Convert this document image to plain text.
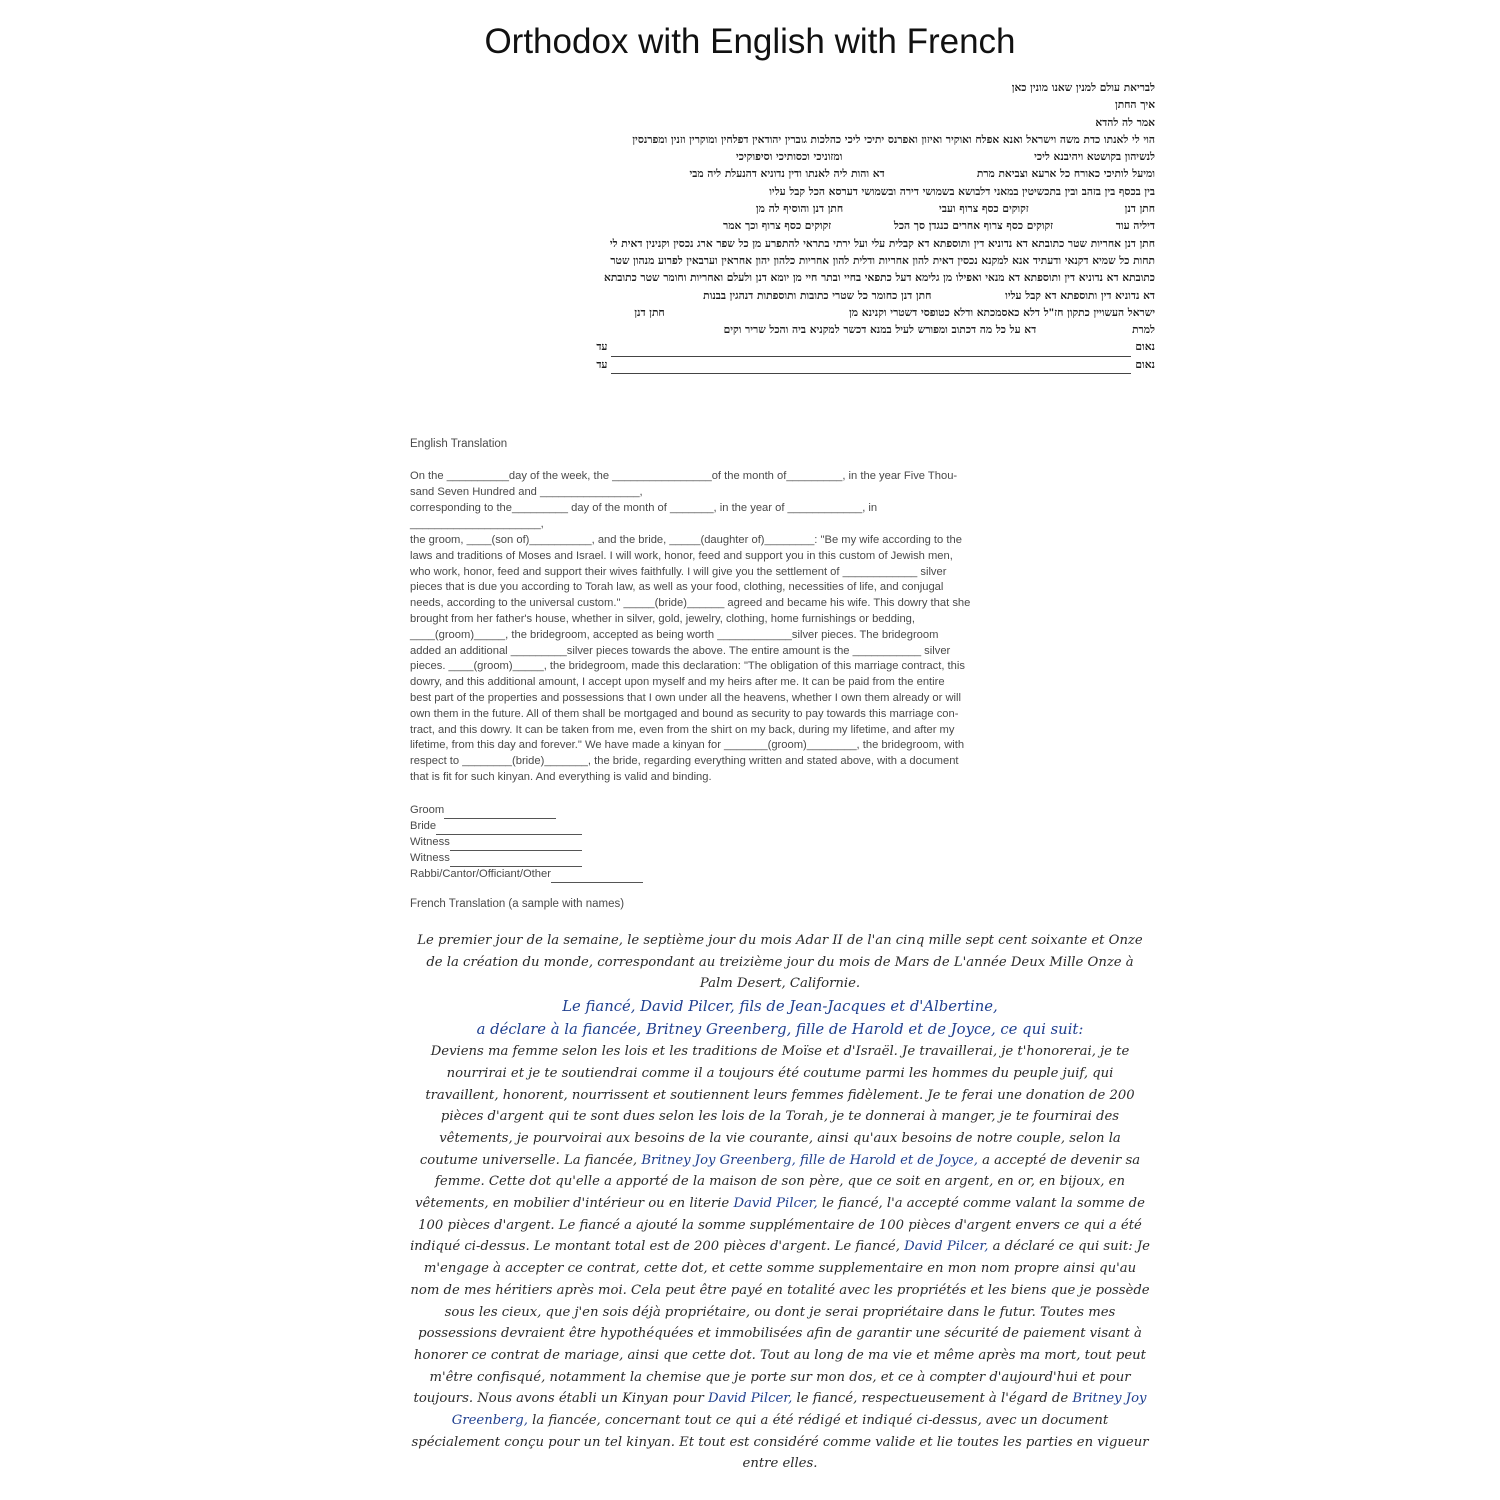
Orthodox with English with French
לבריאת עולם למנין שאנו מונין כאן
איך החתן
אמר לה להדא
הוי לי לאנתו כדת משה וישראל ואנא אפלח ואוקיר ואיזון ואפרנס יתיכי ליכי כהלכות גוברין יהודאין דפלחין ומוקרין וזנין ומפרנסין
לנשיהון בקושטא ויהיבנא ליכי                                                    ומזוניכי וכסותיכי וסיפוקיכי
ומיעל לותיכי כאורח כל ארעא וצביאת מרת                         דא והות ליה לאנתו ודין נדוניא דהנעלת ליה מבי
בין בכסף בין בזהב ובין בתכשיטין במאני דלבושא בשמושי דירה ובשמושי דערסא הכל קבל עליו
חתן דנן                          זקוקים כסף צרוף ועבי                          חתן דנן והוסיף לה מן
דיליה עוד                 זקוקים כסף צרוף אחרים כנגדן סך הכל                 זקוקים כסף צרוף וכך אמר
חתן דנן אחריות שטר כתובתא דא נדוניא דין ותוספתא דא קבלית עלי ועל ירתי בתראי להתפרע מן כל שפר ארג נכסין וקנינין דאית לי
תחות כל שמיא דקנאי ודעתיד אנא למקנא נכסין דאית להון אחריות ודלית להון אחריות כלהון יהון אחראין וערבאין לפרוע מנהון שטר
כתובתא דא נדוניא דין ותוספתא דא מנאי ואפילו מן גלימא דעל כתפאי בחיי ובתר חיי מן יומא דנן ולעלם ואחריות וחומר שטר כתובתא
דא נדוניא דין ותוספתא דא קבל עליו                    חתן דנן כחומר כל שטרי כתובות ותוספתות דנהגין בבנות
ישראל העשויין כתקון חז"ל דלא כאסמכתא ודלא כטופסי דשטרי וקנינא מן                                                  חתן דנן
למרת                          דא על כל מה דכתוב ומפורש לעיל במנא דכשר למקניא ביה והכל שריר וקים
נאום
עד
נאום
עד
English Translation
On the __________day of the week, the ________________of the month of_________, in the year Five Thou-
sand Seven Hundred and ________________,
corresponding to the_________ day of the month of _______, in the year of ____________, in
_____________________,
the groom, ____(son of)__________, and the bride, _____(daughter of)________: "Be my wife according to the
laws and traditions of Moses and Israel. I will work, honor, feed and support you in this custom of Jewish men,
who work, honor, feed and support their wives faithfully. I will give you the settlement of ____________ silver
pieces that is due you according to Torah law, as well as your food, clothing, necessities of life, and conjugal
needs, according to the universal custom." _____(bride)______ agreed and became his wife. This dowry that she
brought from her father's house, whether in silver, gold, jewelry, clothing, home furnishings or bedding,
____(groom)_____, the bridegroom, accepted as being worth ____________silver pieces. The bridegroom
added an additional _________silver pieces towards the above. The entire amount is the ___________ silver
pieces. ____(groom)_____, the bridegroom, made this declaration: "The obligation of this marriage contract, this
dowry, and this additional amount, I accept upon myself and my heirs after me. It can be paid from the entire
best part of the properties and possessions that I own under all the heavens, whether I own them already or will
own them in the future. All of them shall be mortgaged and bound as security to pay towards this marriage con-
tract, and this dowry. It can be taken from me, even from the shirt on my back, during my lifetime, and after my
lifetime, from this day and forever." We have made a kinyan for _______(groom)________, the bridegroom, with
respect to ________(bride)_______, the bride, regarding everything written and stated above, with a document
that is fit for such kinyan. And everything is valid and binding.
Groom
Bride
Witness
Witness
Rabbi/Cantor/Officiant/Other
French Translation (a sample with names)

Le premier jour de la semaine, le septième jour du mois Adar II de l'an cinq mille sept cent soixante et Onze de la création du monde, correspondant au treizième jour du mois de Mars de L'année Deux Mille Onze à Palm Desert, Californie.

Le fiancé, David Pilcer, fils de Jean-Jacques et d'Albertine,

a déclare à la fiancée, Britney Greenberg, fille de Harold et de Joyce, ce qui suit:

Deviens ma femme selon les lois et les traditions de Moïse et d'Israël. Je travaillerai, je t'honorerai, je te nourrirai et je te soutiendrai comme il a toujours été coutume parmi les hommes du peuple juif, qui travaillent, honorent, nourrissent et soutiennent leurs femmes fidèlement. Je te ferai une donation de 200 pièces d'argent qui te sont dues selon les lois de la Torah, je te donnerai à manger, je te fournirai des vêtements, je pourvoirai aux besoins de la vie courante, ainsi qu'aux besoins de notre couple, selon la coutume universelle. La fiancée, Britney Joy Greenberg, fille de Harold et de Joyce, a accepté de devenir sa femme. Cette dot qu'elle a apporté de la maison de son père, que ce soit en argent, en or, en bijoux, en vêtements, en mobilier d'intérieur ou en literie David Pilcer, le fiancé, l'a accepté comme valant la somme de 100 pièces d'argent. Le fiancé a ajouté la somme supplémentaire de 100 pièces d'argent envers ce qui a été indiqué ci-dessus. Le montant total est de 200 pièces d'argent. Le fiancé, David Pilcer, a déclaré ce qui suit: Je m'engage à accepter ce contrat, cette dot, et cette somme supplementaire en mon nom propre ainsi qu'au nom de mes héritiers après moi. Cela peut être payé en totalité avec les propriétés et les biens que je possède sous les cieux, que j'en sois déjà propriétaire, ou dont je serai propriétaire dans le futur. Toutes mes possessions devraient être hypothéquées et immobilisées afin de garantir une sécurité de paiement visant à honorer ce contrat de mariage, ainsi que cette dot. Tout au long de ma vie et même après ma mort, tout peut m'être confisqué, notamment la chemise que je porte sur mon dos, et ce à compter d'aujourd'hui et pour toujours. Nous avons établi un Kinyan pour David Pilcer, le fiancé, respectueusement à l'égard de Britney Joy Greenberg, la fiancée, concernant tout ce qui a été rédigé et indiqué ci-dessus, avec un document spécialement conçu pour un tel kinyan. Et tout est considéré comme valide et lie toutes les parties en vigueur entre elles.
